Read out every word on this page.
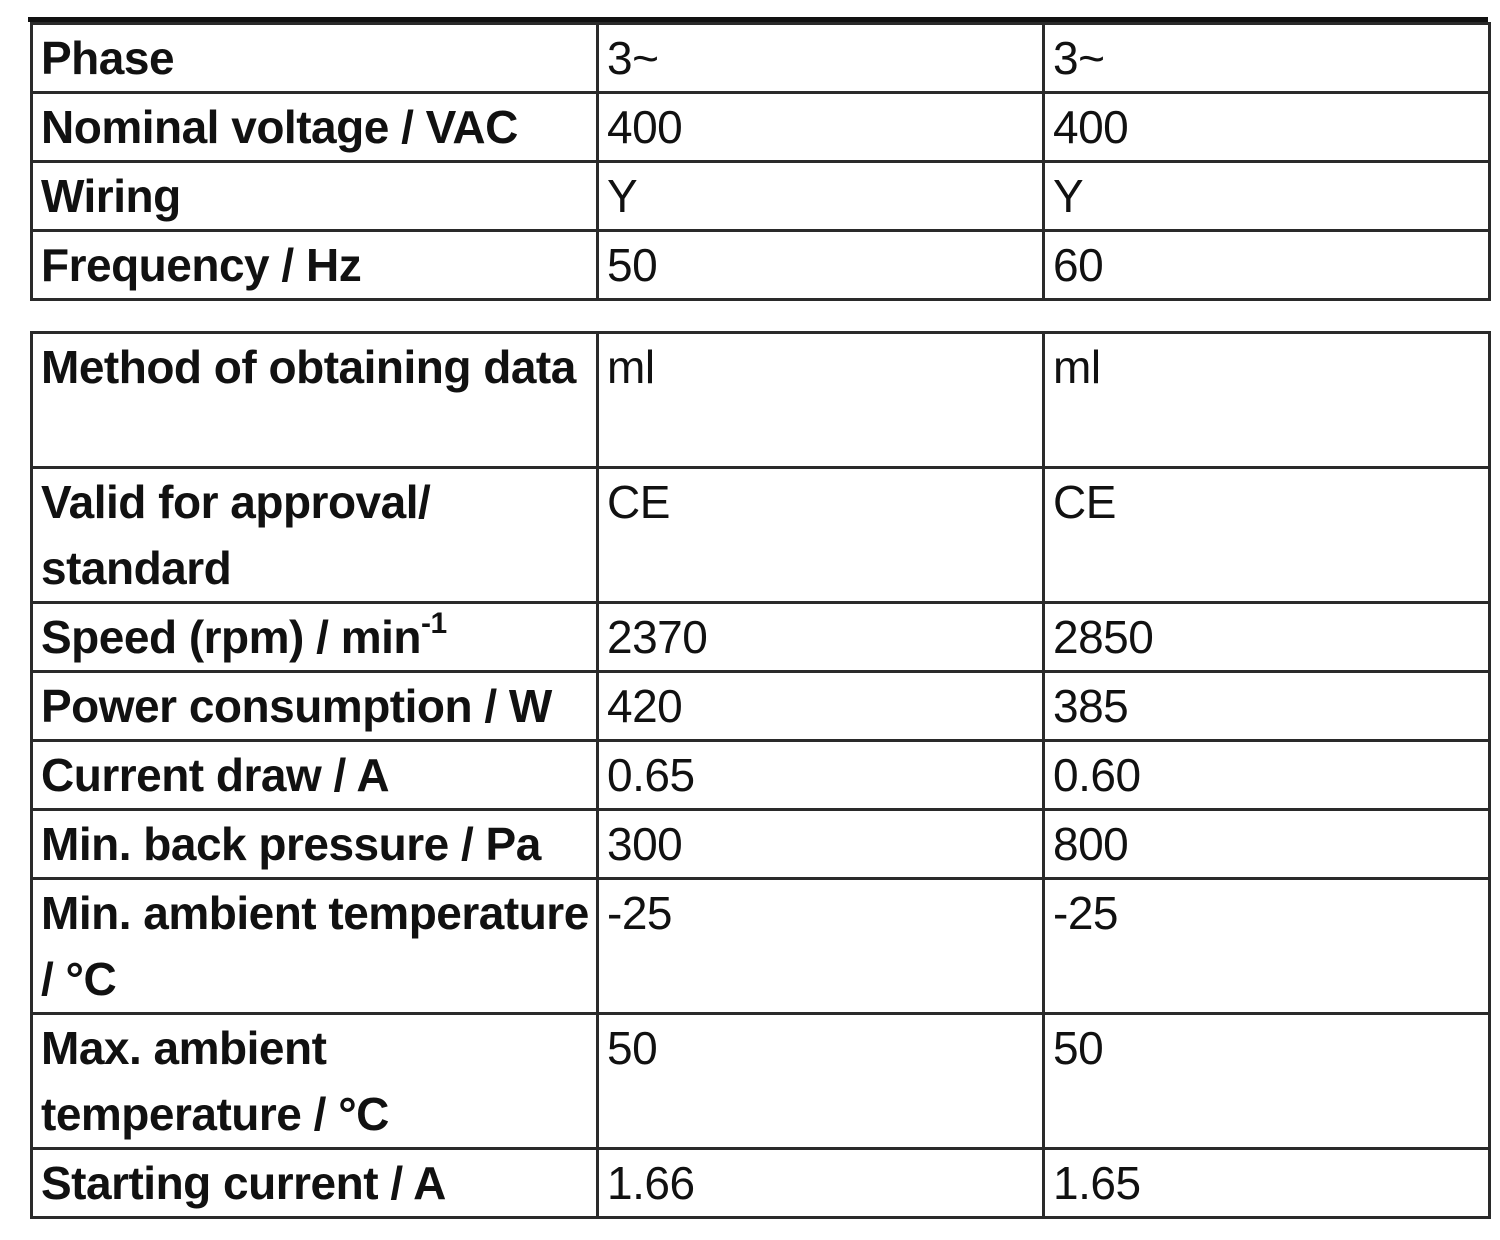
Phase	3~	3~
Nominal voltage / VAC	400	400
Wiring	Y	Y
Frequency / Hz	50	60
Method of obtaining data	ml	ml
Valid for approval/ standard	CE	CE
Speed $(rpm) / \min^{-1}$	2370	2850
Power consumption / W	420	385
Current draw / A	0.65	0.60
Min. back pressure / Pa	300	800
Min. ambient temperature / °C	-25	-25
Max. ambient temperature / °C	50	50
Starting current / A	1.66	1.65
